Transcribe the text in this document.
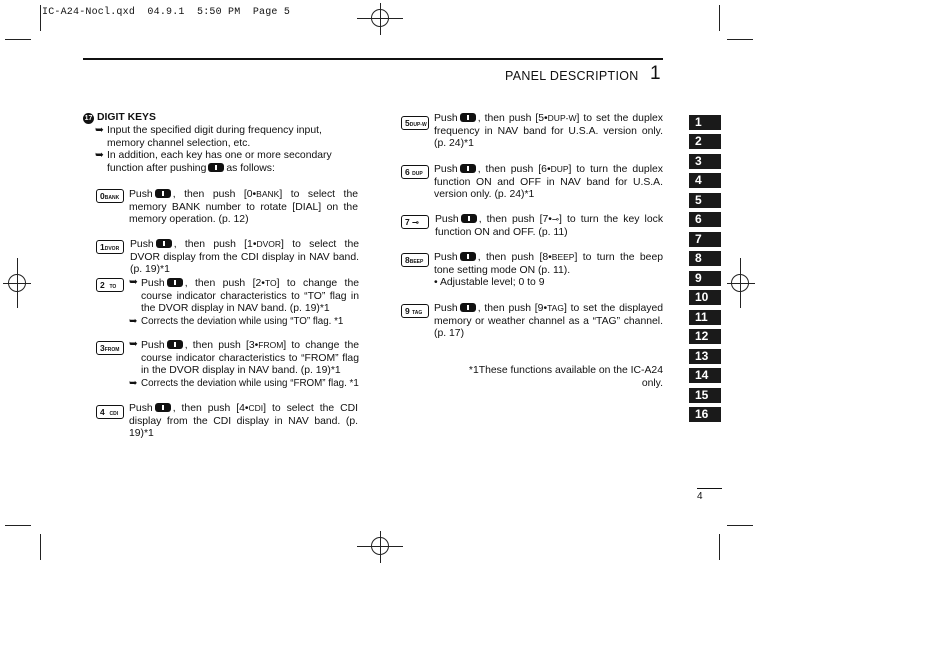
IC-A24-Nocl.qxd  04.9.1  5:50 PM  Page 5
PANEL DESCRIPTION 1
17 DIGIT KEYS
➥ Input the specified digit during frequency input, memory channel selection, etc.
➥ In addition, each key has one or more secondary function after pushing as follows:
0BANK Push , then push [0•BANK] to select the memory BANK number to rotate [DIAL] on the memory operation. (p. 12)
1DVOR	Push , then push [1•DVOR] to select the DVOR display from the CDI display in NAV band. (p. 19)*1
2 TO	➥ Push , then push [2•TO] to change the course indicator characteristics to “TO” flag in the DVOR display in NAV band. (p. 19)*1
➥ Corrects the deviation while using “TO” flag. *1
3FROM ➥ Push , then push [3•FROM] to change the course indicator characteristics to “FROM” flag in the DVOR display in NAV band. (p. 19)*1
➥ Corrects the deviation while using “FROM” flag. *1
4 CDI	Push , then push [4•CDI] to select the CDI display from the CDI display in NAV band. (p. 19)*1
5DUP-W
Push , then push [5•DUP-W] to set the duplex frequency in NAV band for U.S.A. version only. (p. 24)*1
6 DUP	Push , then push [6•DUP] to turn the duplex function ON and OFF in NAV band for U.S.A. version only. (p. 24)*1
7 ⊸	Push , then push [7•⊸] to turn the key lock function ON and OFF. (p. 11)
8BEEP	Push , then push [8•BEEP] to turn the beep tone setting mode ON (p. 11).
• Adjustable level; 0 to 9
9 TAG	Push , then push [9•TAG] to set the displayed memory or weather channel as a “TAG” channel. (p. 17)
*1These functions available on the IC-A24 only.
1
2
3
4
5
6
7
8
9
10
11
12
13
14
15
16
4
